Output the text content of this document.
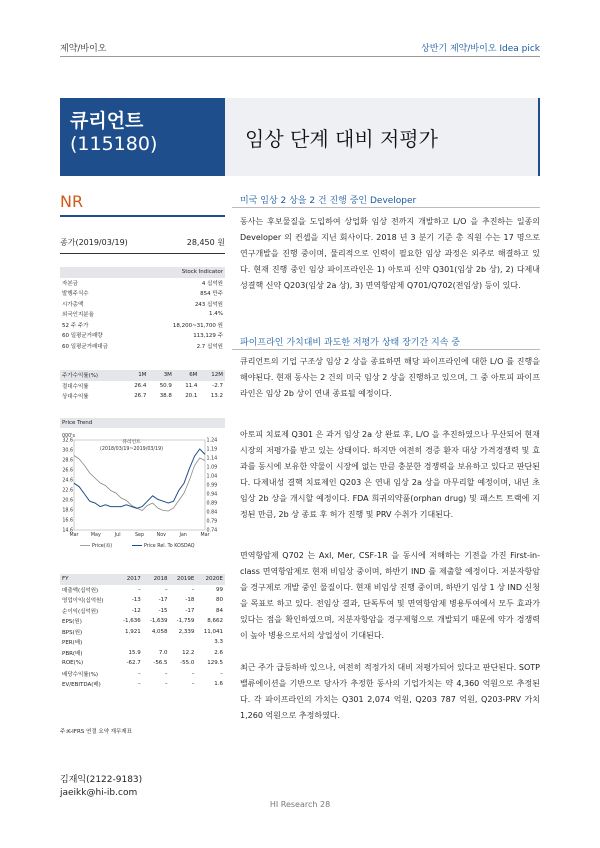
제약/바이오	상반기 제약/바이오 Idea pick
큐리언트
(115180)	임상 단계 대비 저평가
NR
종가(2019/03/19)	28,450 원
Stock Indicator	
자본금	4 십억원
발행주식수	854 만주
시가총액	243 십억원
외국인지분율	1.4%
52 주 주가	18,200~31,700 원
60 일평균거래량	113,129 주
60 일평균거래대금	2.7 십억원
주가수익률(%)	1M	3M	6M	12M
절대수익률	26.4	50.9	11.4	-2.7
상대수익률	26.7	38.8	20.1	13.2
Price Trend
000's
32.6
30.6
28.6
26.6
24.6
22.6
20.6
18.6
16.6
14.6
1.24
1.19
1.14
1.09
1.04
0.99
0.94
0.89
0.84
0.79
0.74
Mar	May	Jul	Sep	Nov	Jan	Mar
큐리언트
(2018/03/19~2019/03/19)
Price(좌)	Price Rel. To KOSDAQ
FY	2017	2018	2019E	2020E
매출액(십억원)	–	–	–	99
영업이익(십억원)	-13	-17	-18	80
순이익(십억원)	-12	-15	-17	84
EPS(원)	-1,636	-1,639	-1,759	8,662
BPS(원)	1,921	4,058	2,339	11,041
PER(배)				3.3
PBR(배)	15.9	7.0	12.2	2.6
ROE(%)	-62.7	-56.5	-55.0	129.5
배당수익률(%)	–	–	–	–
EV/EBITDA(배)	–	–	–	1.6
주:K-IFRS 연결 요약 재무제표
김재익(2122-9183)
jaeikk@hi-ib.com
미국 임상 2 상을 2 건 진행 중인 Developer
동사는 후보물질을 도입하여 상업화 임상 전까지 개발하고 L/O 을 추진하는 일종의 Developer 의 컨셉을 지닌 회사이다. 2018 년 3 분기 기준 총 직원 수는 17 명으로 연구개발을 진행 중이며, 물리적으로 인력이 필요한 임상 과정은 외주로 해결하고 있다. 현재 진행 중인 임상 파이프라인은 1) 아토피 신약 Q301(임상 2b 상), 2) 다제내성결핵 신약 Q203(임상 2a 상), 3) 면역항암제 Q701/Q702(전임상) 등이 있다.
파이프라인 가치대비 과도한 저평가 상태 장기간 지속 중
큐리언트의 기업 구조상 임상 2 상을 종료하면 해당 파이프라인에 대한 L/O 를 진행을 해야된다. 현재 동사는 2 건의 미국 임상 2 상을 진행하고 있으며, 그 중 아토피 파이프라인은 임상 2b 상이 연내 종료될 예정이다.
아토피 치료제 Q301 은 과거 임상 2a 상 완료 후, L/O 을 추진하였으나 무산되어 현재 시장의 저평가를 받고 있는 상태이다. 하지만 여전히 경증 환자 대상 가격경쟁력 및 효과를 동시에 보유한 약물이 시장에 없는 만큼 충분한 경쟁력을 보유하고 있다고 판단된다. 다제내성 결핵 치료제인 Q203 은 연내 임상 2a 상을 마무리할 예정이며, 내년 초 임상 2b 상을 개시할 예정이다. FDA 희귀의약품(orphan drug) 및 패스트 트랙에 지정된 만큼, 2b 상 종료 후 허가 진행 및 PRV 수취가 기대된다.
면역항암제 Q702 는 Axl, Mer, CSF-1R 을 동시에 저해하는 기전을 가진 First-in-class 면역항암제로 현재 비임상 중이며, 하반기 IND 를 제출할 예정이다. 저분자항암을 경구제로 개발 중인 물질이다. 현재 비임상 진행 중이며, 하반기 임상 1 상 IND 신청을 목표로 하고 있다. 전임상 결과, 단독투여 및 면역항암제 병용투여에서 모두 효과가 있다는 점을 확인하였으며, 저분자항암을 경구제형으로 개발되기 때문에 약가 경쟁력이 높아 병용으로서의 상업성이 기대된다.
최근 주가 급등하바 있으나, 여전히 적정가치 대비 저평가되어 있다고 판단된다. SOTP 밸류에이션을 기반으로 당사가 추정한 동사의 기업가치는 약 4,360 억원으로 추정된다. 각 파이프라인의 가치는 Q301 2,074 억원, Q203 787 억원, Q203-PRV 가치 1,260 억원으로 추정하였다.
HI Research 28
